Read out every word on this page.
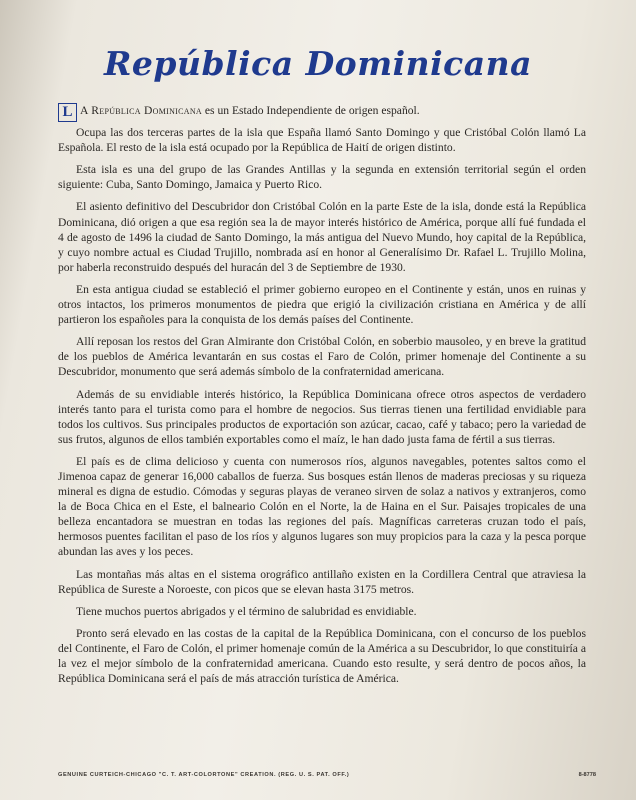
República Dominicana

L A República Dominicana es un Estado Independiente de origen español.

Ocupa las dos terceras partes de la isla que España llamó Santo Domingo y que Cristóbal Colón llamó La Española. El resto de la isla está ocupado por la República de Haití de origen distinto.

Esta isla es una del grupo de las Grandes Antillas y la segunda en extensión territorial según el orden siguiente: Cuba, Santo Domingo, Jamaica y Puerto Rico.

El asiento definitivo del Descubridor don Cristóbal Colón en la parte Este de la isla, donde está la República Dominicana, dió origen a que esa región sea la de mayor interés histórico de América, porque allí fué fundada el 4 de agosto de 1496 la ciudad de Santo Domingo, la más antigua del Nuevo Mundo, hoy capital de la República, y cuyo nombre actual es Ciudad Trujillo, nombrada así en honor al Generalísimo Dr. Rafael L. Trujillo Molina, por haberla reconstruido después del huracán del 3 de Septiembre de 1930.

En esta antigua ciudad se estableció el primer gobierno europeo en el Continente y están, unos en ruinas y otros intactos, los primeros monumentos de piedra que erigió la civilización cristiana en América y de allí partieron los españoles para la conquista de los demás países del Continente.

Allí reposan los restos del Gran Almirante don Cristóbal Colón, en soberbio mausoleo, y en breve la gratitud de los pueblos de América levantarán en sus costas el Faro de Colón, primer homenaje del Continente a su Descubridor, monumento que será además símbolo de la confraternidad americana.

Además de su envidiable interés histórico, la República Dominicana ofrece otros aspectos de verdadero interés tanto para el turista como para el hombre de negocios. Sus tierras tienen una fertilidad envidiable para todos los cultivos. Sus principales productos de exportación son azúcar, cacao, café y tabaco; pero la variedad de sus frutos, algunos de ellos también exportables como el maíz, le han dado justa fama de fértil a sus tierras.

El país es de clima delicioso y cuenta con numerosos ríos, algunos navegables, potentes saltos como el Jimenoa capaz de generar 16,000 caballos de fuerza. Sus bosques están llenos de maderas preciosas y su riqueza mineral es digna de estudio. Cómodas y seguras playas de veraneo sirven de solaz a nativos y extranjeros, como la de Boca Chica en el Este, el balneario Colón en el Norte, la de Haina en el Sur. Paisajes tropicales de una belleza encantadora se muestran en todas las regiones del país. Magníficas carreteras cruzan todo el país, hermosos puentes facilitan el paso de los ríos y algunos lugares son muy propicios para la caza y la pesca porque abundan las aves y los peces.

Las montañas más altas en el sistema orográfico antillaño existen en la Cordillera Central que atraviesa la República de Sureste a Noroeste, con picos que se elevan hasta 3175 metros.

Tiene muchos puertos abrigados y el término de salubridad es envidiable.

Pronto será elevado en las costas de la capital de la República Dominicana, con el concurso de los pueblos del Continente, el Faro de Colón, el primer homenaje común de la América a su Descubridor, lo que constituiría a la vez el mejor símbolo de la confraternidad americana. Cuando esto resulte, y será dentro de pocos años, la República Dominicana será el país de más atracción turística de América.

GENUINE CURTEICH-CHICAGO "C. T. ART-COLORTONE" CREATION. (REG. U. S. PAT. OFF.)	8-8778
